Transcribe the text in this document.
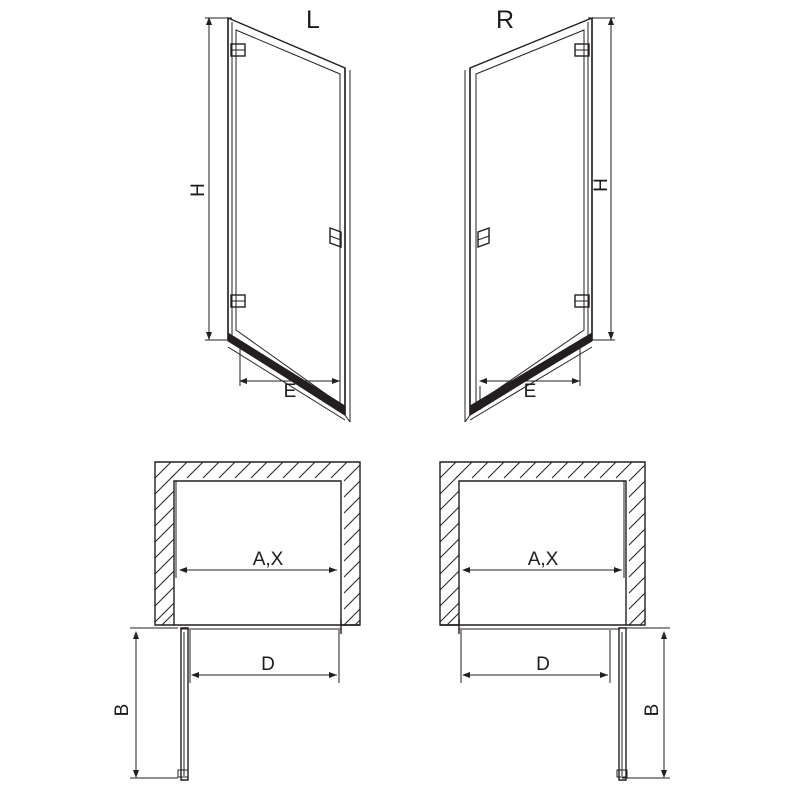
L
H
E
R
H
E
A,X
D
B
A,X
D
B
